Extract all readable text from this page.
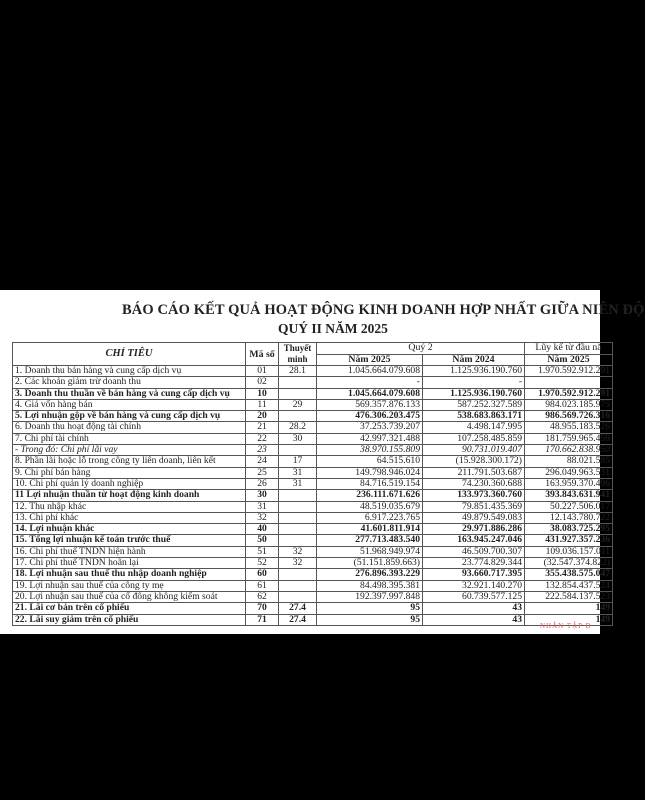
BÁO CÁO KẾT QUẢ HOẠT ĐỘNG KINH DOANH HỢP NHẤT GIỮA NIÊN ĐỘ
QUÝ II NĂM 2025
CHỈ TIÊU	Mã số	Thuyết minh	Quý 2		Lũy kế từ đầu nă
			Năm 2025	Năm 2024	Năm 2025
1. Doanh thu bán hàng và cung cấp dịch vụ	01	28.1	1.045.664.079.608	1.125.936.190.760	1.970.592.912.291
2. Các khoản giảm trừ doanh thu	02		-	-	
3. Doanh thu thuần về bán hàng và cung cấp dịch vụ	10		1.045.664.079.608	1.125.936.190.760	1.970.592.912.291
4. Giá vốn hàng bán	11	29	569.357.876.133	587.252.327.589	984.023.185.975
5. Lợi nhuận gộp về bán hàng và cung cấp dịch vụ	20		476.306.203.475	538.683.863.171	986.569.726.316
6. Doanh thu hoạt động tài chính	21	28.2	37.253.739.207	4.498.147.995	48.955.183.526
7. Chi phí tài chính	22	30	42.997.321.488	107.258.485.859	181.759.965.459
- Trong đó: Chi phí lãi vay	23		38.970.155.809	90.731.019.407	170.662.838.950
8. Phần lãi hoặc lỗ trong công ty liên doanh, liên kết	24	17	64.515.610	(15.928.300.172)	88.021.585
9. Chi phí bán hàng	25	31	149.798.946.024	211.791.503.687	296.049.963.531
10. Chi phí quản lý doanh nghiệp	26	31	84.716.519.154	74.230.360.688	163.959.370.496
11 Lợi nhuận thuần từ hoạt động kinh doanh	30		236.111.671.626	133.973.360.760	393.843.631.941
12. Thu nhập khác	31		48.519.035.679	79.851.435.369	50.227.506.017
13. Chi phí khác	32		6.917.223.765	49.879.549.083	12.143.780.722
14. Lợi nhuận khác	40		41.601.811.914	29.971.886.286	38.083.725.295
15. Tổng lợi nhuận kế toán trước thuế	50		277.713.483.540	163.945.247.046	431.927.357.236
16. Chi phí thuế TNDN hiện hành	51	32	51.968.949.974	46.509.700.307	109.036.157.011
17. Chi phí thuế TNDN hoãn lại	52	32	(51.151.859.663)	23.774.829.344	(32.547.374.822)
18. Lợi nhuận sau thuế thu nhập doanh nghiệp	60		276.896.393.229	93.660.717.395	355.438.575.047
19. Lợi nhuận sau thuế của công ty mẹ	61		84.498.395.381	32.921.140.270	132.854.437.524
20. Lợi nhuận sau thuế của cổ đông không kiểm soát	62		192.397.997.848	60.739.577.125	222.584.137.523
21. Lãi cơ bản trên cổ phiếu	70	27.4	95	43	149
22. Lãi suy giảm trên cổ phiếu	71	27.4	95	43	149
NHÂN TẬP Đ
